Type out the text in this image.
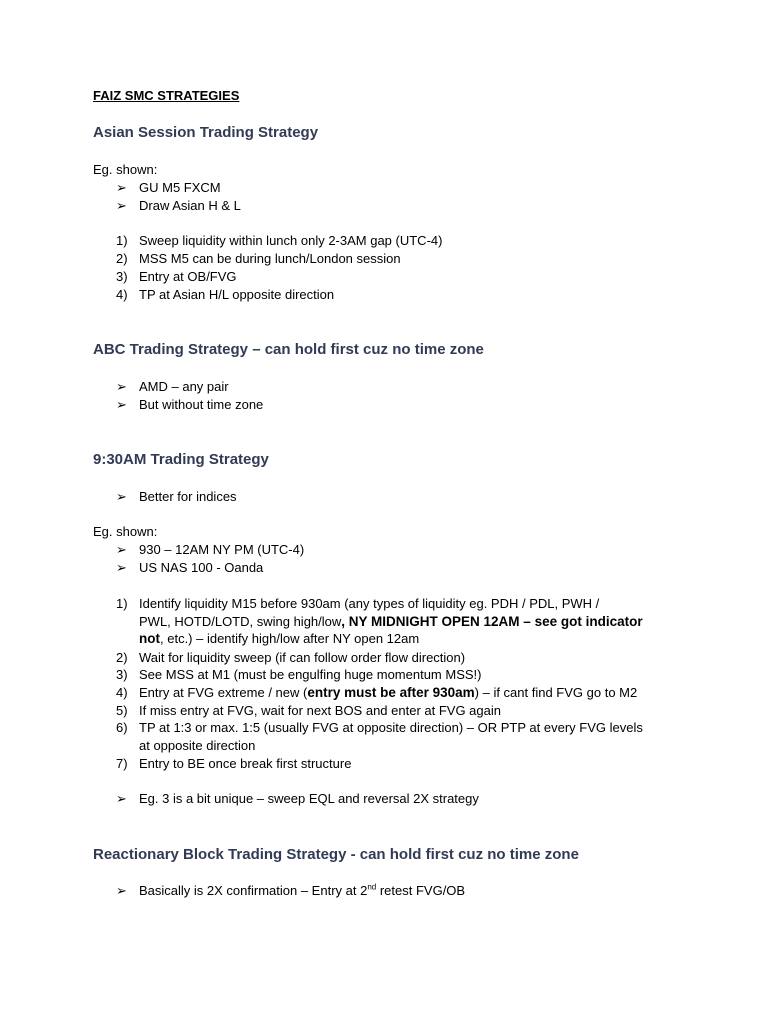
FAIZ SMC STRATEGIES
Asian Session Trading Strategy
Eg. shown:
➢ GU M5 FXCM
➢ Draw Asian H & L
1) Sweep liquidity within lunch only 2-3AM gap (UTC-4)
2) MSS M5 can be during lunch/London session
3) Entry at OB/FVG
4) TP at Asian H/L opposite direction
ABC Trading Strategy – can hold first cuz no time zone
➢ AMD – any pair
➢ But without time zone
9:30AM Trading Strategy
➢ Better for indices
Eg. shown:
➢ 930 – 12AM NY PM (UTC-4)
➢ US NAS 100 - Oanda
1) Identify liquidity M15 before 930am (any types of liquidity eg. PDH / PDL, PWH /
PWL, HOTD/LOTD, swing high/low, NY MIDNIGHT OPEN 12AM – see got indicator
not, etc.) – identify high/low after NY open 12am
2) Wait for liquidity sweep (if can follow order flow direction)
3) See MSS at M1 (must be engulfing huge momentum MSS!)
4) Entry at FVG extreme / new (entry must be after 930am) – if cant find FVG go to M2
5) If miss entry at FVG, wait for next BOS and enter at FVG again
6) TP at 1:3 or max. 1:5 (usually FVG at opposite direction) – OR PTP at every FVG levels
at opposite direction
7) Entry to BE once break first structure
➢ Eg. 3 is a bit unique – sweep EQL and reversal 2X strategy
Reactionary Block Trading Strategy - can hold first cuz no time zone
➢ Basically is 2X confirmation – Entry at 2nd retest FVG/OB
